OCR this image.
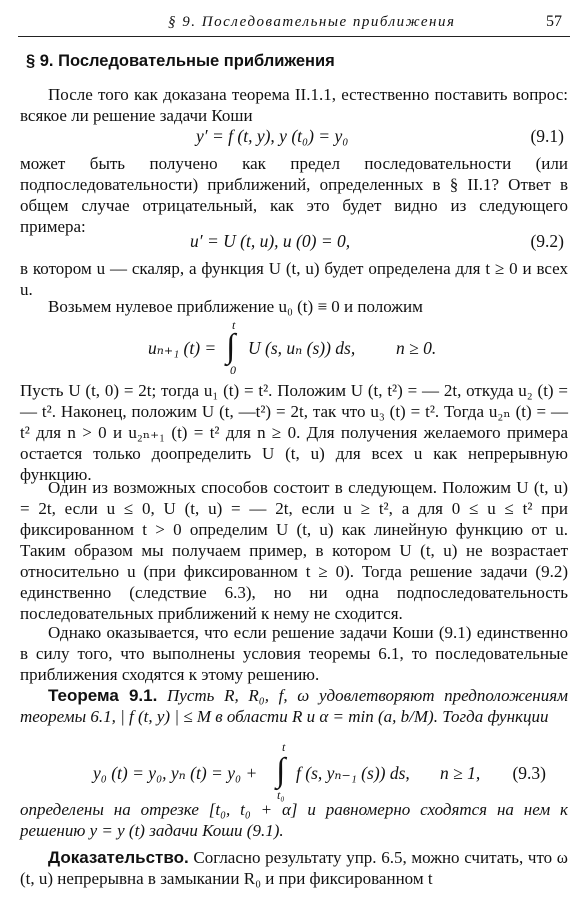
§ 9. Последовательные приближения	57
§ 9. Последовательные приближения
После того как доказана теорема II.1.1, естественно поставить вопрос: всякое ли решение задачи Коши
y′ = f (t, y), y (t₀) = y₀	(9.1)
может быть получено как предел последовательности (или подпоследовательности) приближений, определенных в § II.1? Ответ в общем случае отрицательный, как это будет видно из следующего примера:
u′ = U (t, u), u (0) = 0,	(9.2)
в котором u — скаляр, а функция U (t, u) будет определена для t ≥ 0 и всех u.
Возьмем нулевое приближение u₀ (t) ≡ 0 и положим
uₙ₊₁ (t) =
t
∫
0
U (s, uₙ (s)) ds, n ≥ 0.
Пусть U (t, 0) = 2t; тогда u₁ (t) = t². Положим U (t, t²) = — 2t, откуда u₂ (t) = — t². Наконец, положим U (t, —t²) = 2t, так что u₃ (t) = t². Тогда u₂ₙ (t) = — t² для n > 0 и u₂ₙ₊₁ (t) = t² для n ≥ 0. Для получения желаемого примера остается только доопределить U (t, u) для всех u как непрерывную функцию.
Один из возможных способов состоит в следующем. Положим U (t, u) = 2t, если u ≤ 0, U (t, u) = — 2t, если u ≥ t², а для 0 ≤ u ≤ t² при фиксированном t > 0 определим U (t, u) как линейную функцию от u. Таким образом мы получаем пример, в котором U (t, u) не возрастает относительно u (при фиксированном t ≥ 0). Тогда решение задачи (9.2) единственно (следствие 6.3), но ни одна подпоследовательность последовательных приближений к нему не сходится.
Однако оказывается, что если решение задачи Коши (9.1) единственно в силу того, что выполнены условия теоремы 6.1, то последовательные приближения сходятся к этому решению.
Теорема 9.1. Пусть R, R₀, f, ω удовлетворяют предположениям теоремы 6.1, | f (t, y) | ≤ M в области R и α = min (a, b/M). Тогда функции
y₀ (t) = y₀, yₙ (t) = y₀ +
t
∫
t₀
f (s, yₙ₋₁ (s)) ds, n ≥ 1, (9.3)
определены на отрезке [t₀, t₀ + α] и равномерно сходятся на нем к решению y = y (t) задачи Коши (9.1).
Доказательство. Согласно результату упр. 6.5, можно считать, что ω (t, u) непрерывна в замыкании R₀ и при фиксированном t
